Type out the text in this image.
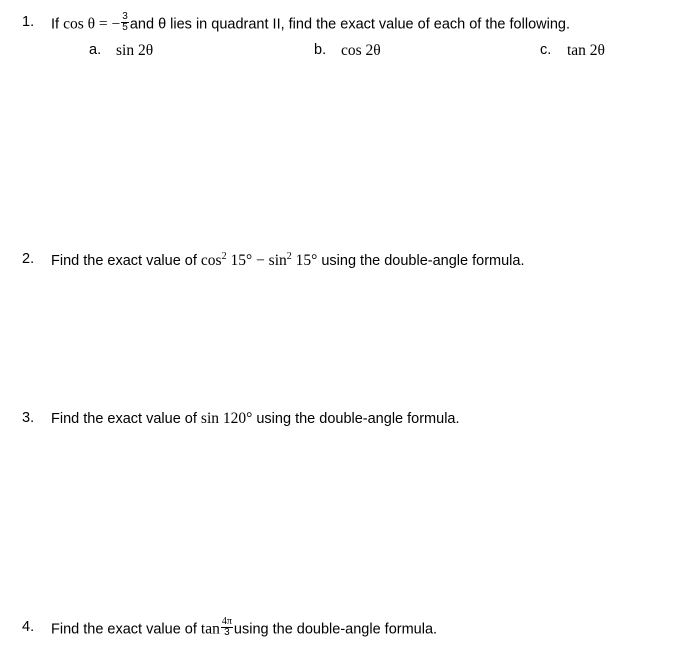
1. If cos θ = − $\frac{3}{5}$ and θ lies in quadrant II, find the exact value of each of the following.
a. sin 2θ	b. cos 2θ	c. tan 2θ
2. Find the exact value of $\cos^2 15^\circ - \sin^2 15^\circ$ using the double-angle formula.
3. Find the exact value of sin 120° using the double-angle formula.
4. Find the exact value of $\tan \frac{4\pi}{3}$ using the double-angle formula.
